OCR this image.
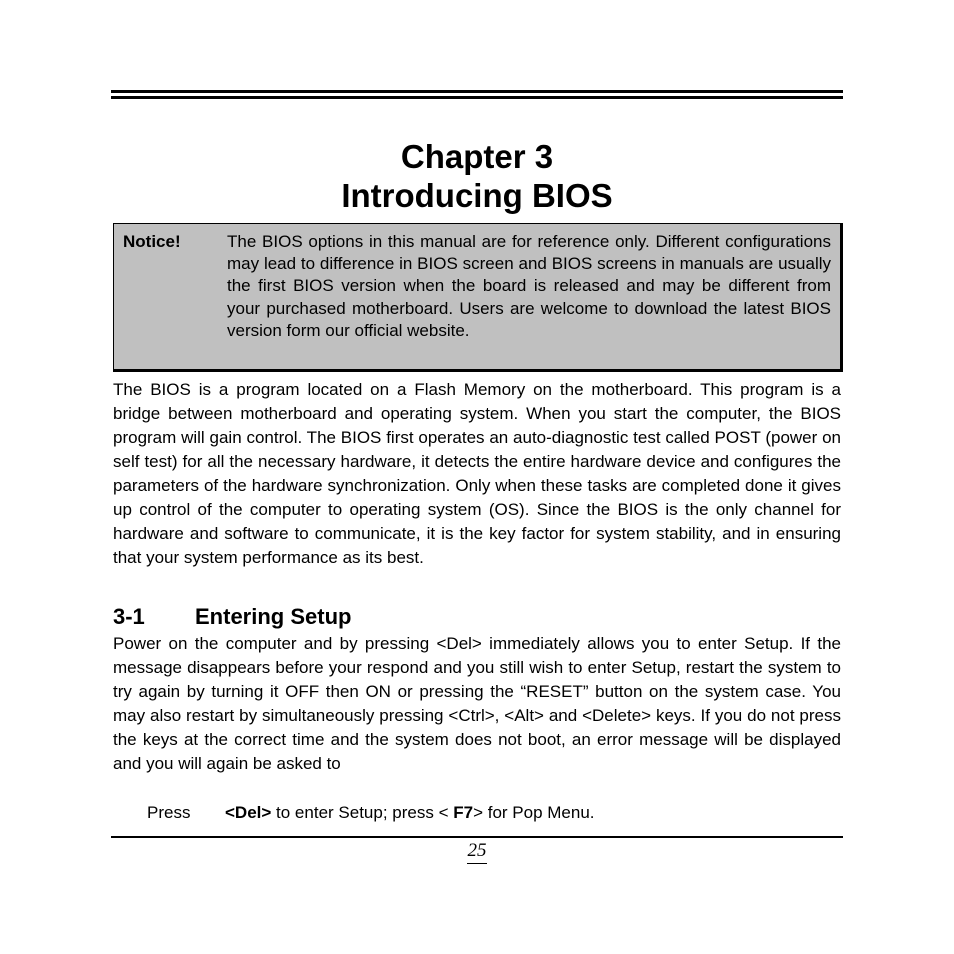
Chapter 3
Introducing BIOS
Notice!	The BIOS options in this manual are for reference only. Different configurations may lead to difference in BIOS screen and BIOS screens in manuals are usually the first BIOS version when the board is released and may be different from your purchased motherboard. Users are welcome to download the latest BIOS version form our official website.
The BIOS is a program located on a Flash Memory on the motherboard. This program is a bridge between motherboard and operating system. When you start the computer, the BIOS program will gain control. The BIOS first operates an auto-diagnostic test called POST (power on self test) for all the necessary hardware, it detects the entire hardware device and configures the parameters of the hardware synchronization. Only when these tasks are completed done it gives up control of the computer to operating system (OS). Since the BIOS is the only channel for hardware and software to communicate, it is the key factor for system stability, and in ensuring that your system performance as its best.
3-1 Entering Setup
Power on the computer and by pressing <Del> immediately allows you to enter Setup. If the message disappears before your respond and you still wish to enter Setup, restart the system to try again by turning it OFF then ON or pressing the “RESET” button on the system case. You may also restart by simultaneously pressing <Ctrl>, <Alt> and <Delete> keys. If you do not press the keys at the correct time and the system does not boot, an error message will be displayed and you will again be asked to
Press <Del> to enter Setup; press < F7> for Pop Menu.
25
